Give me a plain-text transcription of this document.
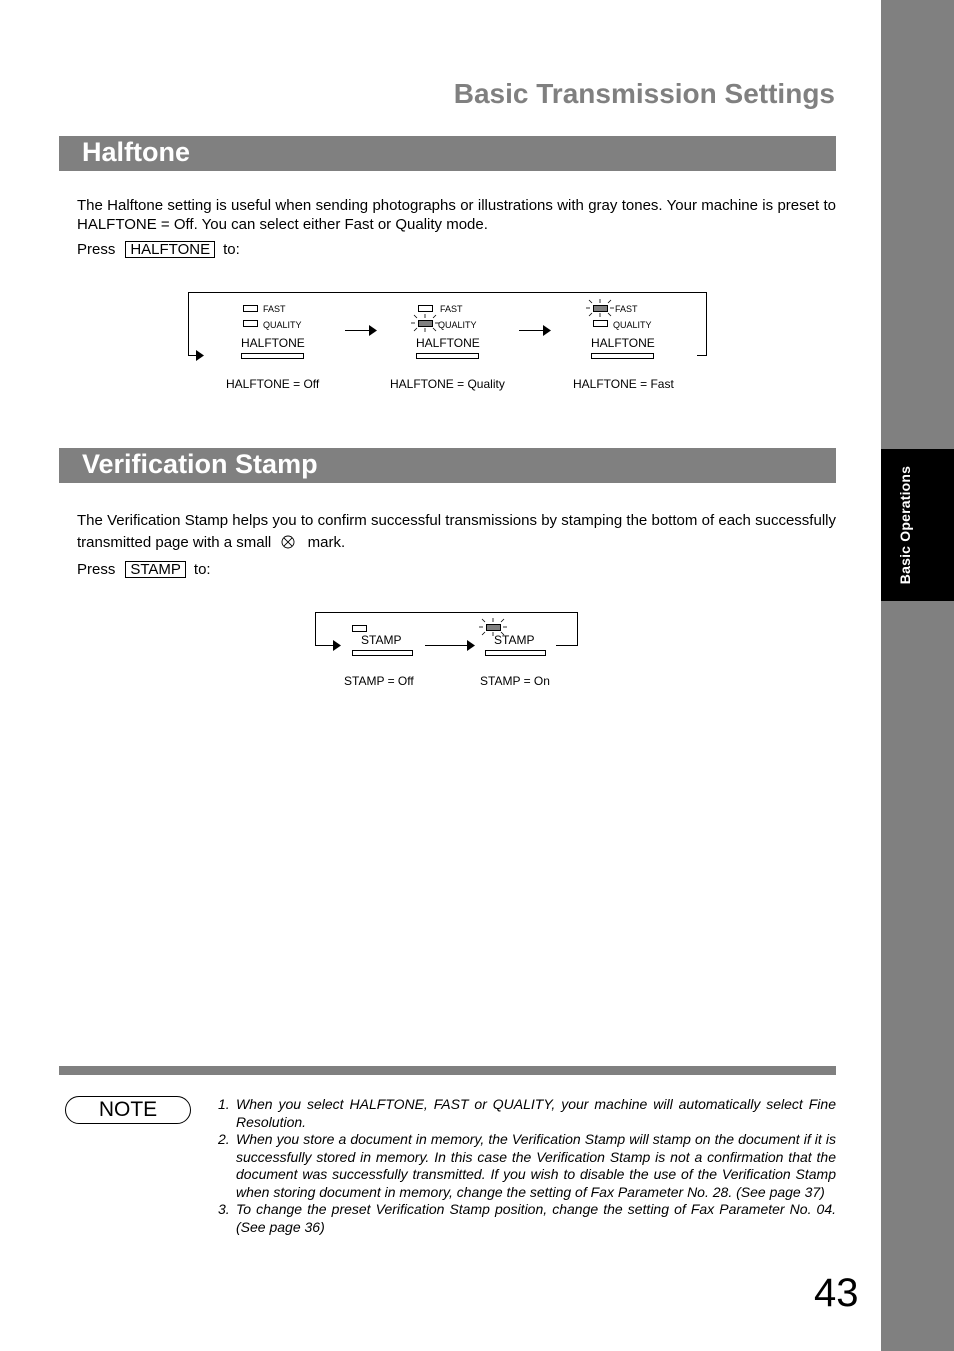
Basic Operations
Basic Transmission Settings
Halftone
The Halftone setting is useful when sending photographs or illustrations with gray tones. Your machine is preset to HALFTONE = Off. You can select either Fast or Quality mode.
Press HALFTONE to:
FAST
QUALITY
HALFTONE
HALFTONE = Off
FAST
QUALITY
HALFTONE
HALFTONE = Quality
FAST
QUALITY
HALFTONE
HALFTONE = Fast
Verification Stamp
The Verification Stamp helps you to confirm successful transmissions by stamping the bottom of each successfully transmitted page with a small mark.
Press STAMP to:
STAMP
STAMP = Off
STAMP
STAMP = On
NOTE	1. When you select HALFTONE, FAST or QUALITY, your machine will automatically select Fine Resolution.
2. When you store a document in memory, the Verification Stamp will stamp on the document if it is successfully stored in memory. In this case the Verification Stamp is not a confirmation that the document was successfully transmitted. If you wish to disable the use of the Verification Stamp when storing document in memory, change the setting of Fax Parameter No. 28. (See page 37)
3. To change the preset Verification Stamp position, change the setting of Fax Parameter No. 04. (See page 36)
43
